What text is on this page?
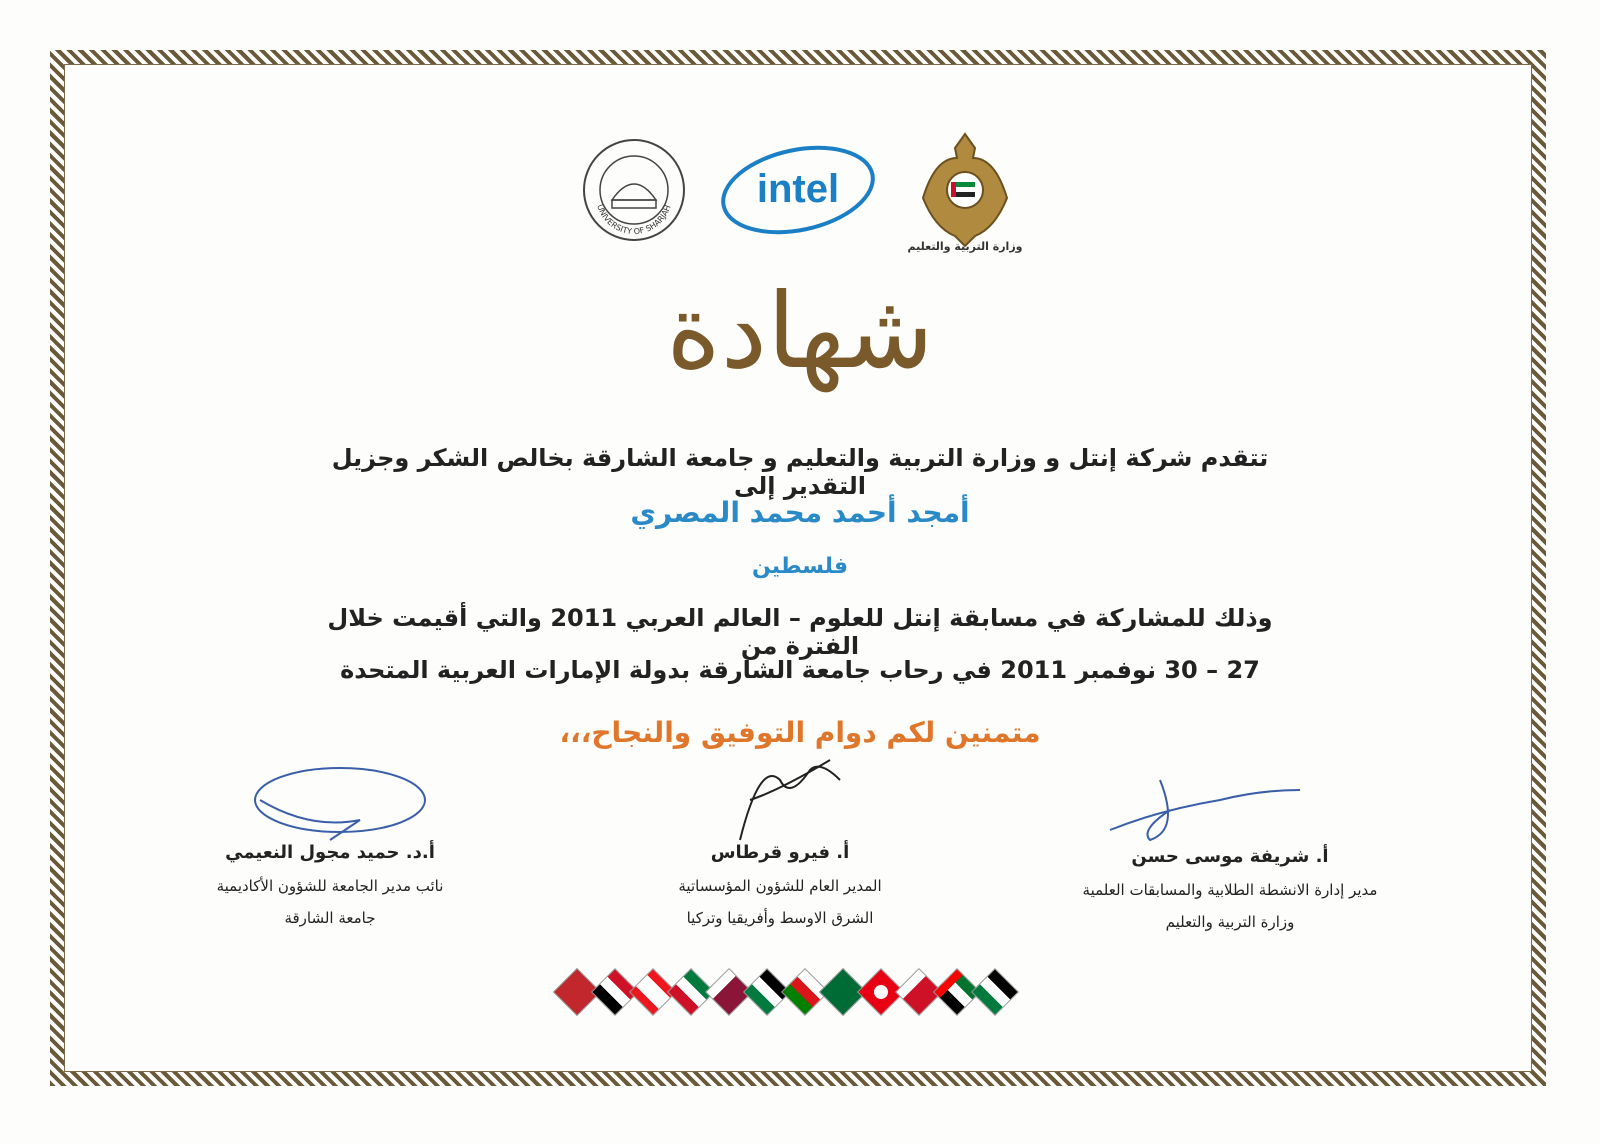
UNIVERSITY OF SHARJAH intel
وزارة التربية والتعليم
شهادة
تتقدم شركة إنتل و وزارة التربية والتعليم و جامعة الشارقة بخالص الشكر وجزيل التقدير إلى
أمجد أحمد محمد المصري
فلسطين
وذلك للمشاركة في مسابقة إنتل للعلوم – العالم العربي 2011 والتي أقيمت خلال الفترة من
27 – 30 نوفمبر 2011 في رحاب جامعة الشارقة بدولة الإمارات العربية المتحدة
متمنين لكم دوام التوفيق والنجاح،،،
أ.د. حميد مجول النعيمي
نائب مدير الجامعة للشؤون الأكاديمية
جامعة الشارقة
أ. فيرو قرطاس
المدير العام للشؤون المؤسساتية
الشرق الاوسط وأفريقيا وتركيا
أ. شريفة موسى حسن
مدير إدارة الانشطة الطلابية والمسابقات العلمية
وزارة التربية والتعليم
